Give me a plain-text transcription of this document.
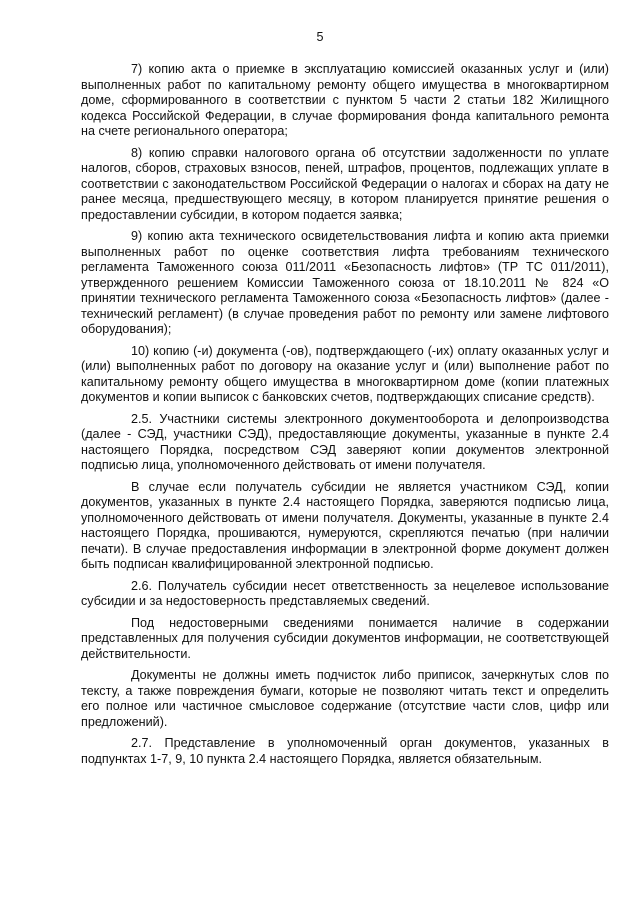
5

7) копию акта о приемке в эксплуатацию комиссией оказанных услуг и (или) выполненных работ по капитальному ремонту общего имущества в многоквартирном доме, сформированного в соответствии с пунктом 5 части 2 статьи 182 Жилищного кодекса Российской Федерации, в случае формирования фонда капитального ремонта на счете регионального оператора;

8) копию справки налогового органа об отсутствии задолженности по уплате налогов, сборов, страховых взносов, пеней, штрафов, процентов, подлежащих уплате в соответствии с законодательством Российской Федерации о налогах и сборах на дату не ранее месяца, предшествующего месяцу, в котором планируется принятие решения о предоставлении субсидии, в котором подается заявка;

9) копию акта технического освидетельствования лифта и копию акта приемки выполненных работ по оценке соответствия лифта требованиям технического регламента Таможенного союза 011/2011 «Безопасность лифтов» (ТР ТС 011/2011), утвержденного решением Комиссии Таможенного союза от 18.10.2011 № 824 «О принятии технического регламента Таможенного союза «Безопасность лифтов» (далее - технический регламент) (в случае проведения работ по ремонту или замене лифтового оборудования);

10) копию (-и) документа (-ов), подтверждающего (-их) оплату оказанных услуг и (или) выполненных работ по договору на оказание услуг и (или) выполнение работ по капитальному ремонту общего имущества в многоквартирном доме (копии платежных документов и копии выписок с банковских счетов, подтверждающих списание средств).

2.5. Участники системы электронного документооборота и делопроизводства (далее - СЭД, участники СЭД), предоставляющие документы, указанные в пункте 2.4 настоящего Порядка, посредством СЭД заверяют копии документов электронной подписью лица, уполномоченного действовать от имени получателя.

В случае если получатель субсидии не является участником СЭД, копии документов, указанных в пункте 2.4 настоящего Порядка, заверяются подписью лица, уполномоченного действовать от имени получателя. Документы, указанные в пункте 2.4 настоящего Порядка, прошиваются, нумеруются, скрепляются печатью (при наличии печати). В случае предоставления информации в электронной форме документ должен быть подписан квалифицированной электронной подписью.

2.6. Получатель субсидии несет ответственность за нецелевое использование субсидии и за недостоверность представляемых сведений.

Под недостоверными сведениями понимается наличие в содержании представленных для получения субсидии документов информации, не соответствующей действительности.

Документы не должны иметь подчисток либо приписок, зачеркнутых слов по тексту, а также повреждения бумаги, которые не позволяют читать текст и определить его полное или частичное смысловое содержание (отсутствие части слов, цифр или предложений).

2.7. Представление в уполномоченный орган документов, указанных в подпунктах 1-7, 9, 10 пункта 2.4 настоящего Порядка, является обязательным.
